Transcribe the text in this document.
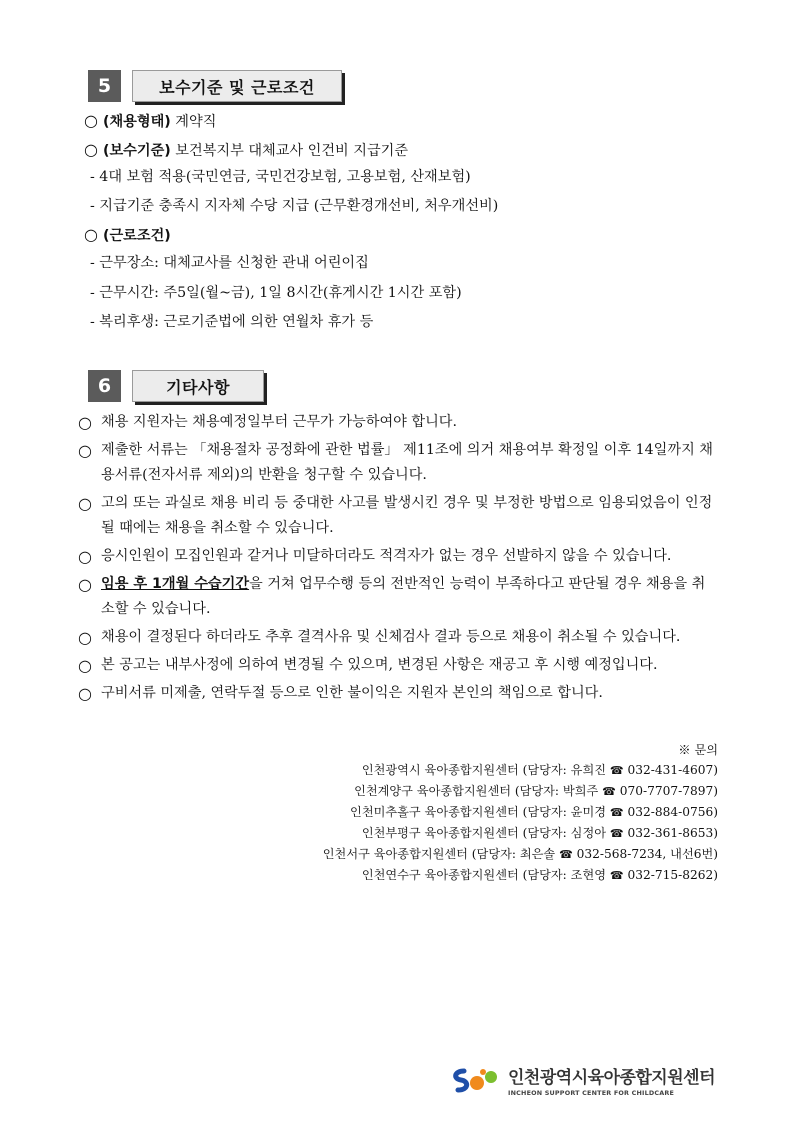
5	보수기준 및 근로조건
○ (채용형태) 계약직
○ (보수기준) 보건복지부 대체교사 인건비 지급기준
- 4대 보험 적용(국민연금, 국민건강보험, 고용보험, 산재보험)
- 지급기준 충족시 지자체 수당 지급 (근무환경개선비, 처우개선비)
○ (근로조건)
- 근무장소: 대체교사를 신청한 관내 어린이집
- 근무시간: 주5일(월~금), 1일 8시간(휴게시간 1시간 포함)
- 복리후생: 근로기준법에 의한 연월차 휴가 등
6	기타사항
○ 채용 지원자는 채용예정일부터 근무가 가능하여야 합니다.
○ 제출한 서류는 「채용절차 공정화에 관한 법률」 제11조에 의거 채용여부 확정일 이후 14일까지 채용서류(전자서류 제외)의 반환을 청구할 수 있습니다.
○ 고의 또는 과실로 채용 비리 등 중대한 사고를 발생시킨 경우 및 부정한 방법으로 임용되었음이 인정될 때에는 채용을 취소할 수 있습니다.
○ 응시인원이 모집인원과 같거나 미달하더라도 적격자가 없는 경우 선발하지 않을 수 있습니다.
○ 임용 후 1개월 수습기간을 거쳐 업무수행 등의 전반적인 능력이 부족하다고 판단될 경우 채용을 취소할 수 있습니다.
○ 채용이 결정된다 하더라도 추후 결격사유 및 신체검사 결과 등으로 채용이 취소될 수 있습니다.
○ 본 공고는 내부사정에 의하여 변경될 수 있으며, 변경된 사항은 재공고 후 시행 예정입니다.
○ 구비서류 미제출, 연락두절 등으로 인한 불이익은 지원자 본인의 책임으로 합니다.
※ 문의
인천광역시 육아종합지원센터 (담당자: 유희진 ☎ 032-431-4607)
인천계양구 육아종합지원센터 (담당자: 박희주 ☎ 070-7707-7897)
인천미추홀구 육아종합지원센터 (담당자: 윤미경 ☎ 032-884-0756)
인천부평구 육아종합지원센터 (담당자: 심정아 ☎ 032-361-8653)
인천서구 육아종합지원센터 (담당자: 최은솔 ☎ 032-568-7234, 내선6번)
인천연수구 육아종합지원센터 (담당자: 조현영 ☎ 032-715-8262)
인천광역시육아종합지원센터
INCHEON SUPPORT CENTER FOR CHILDCARE
